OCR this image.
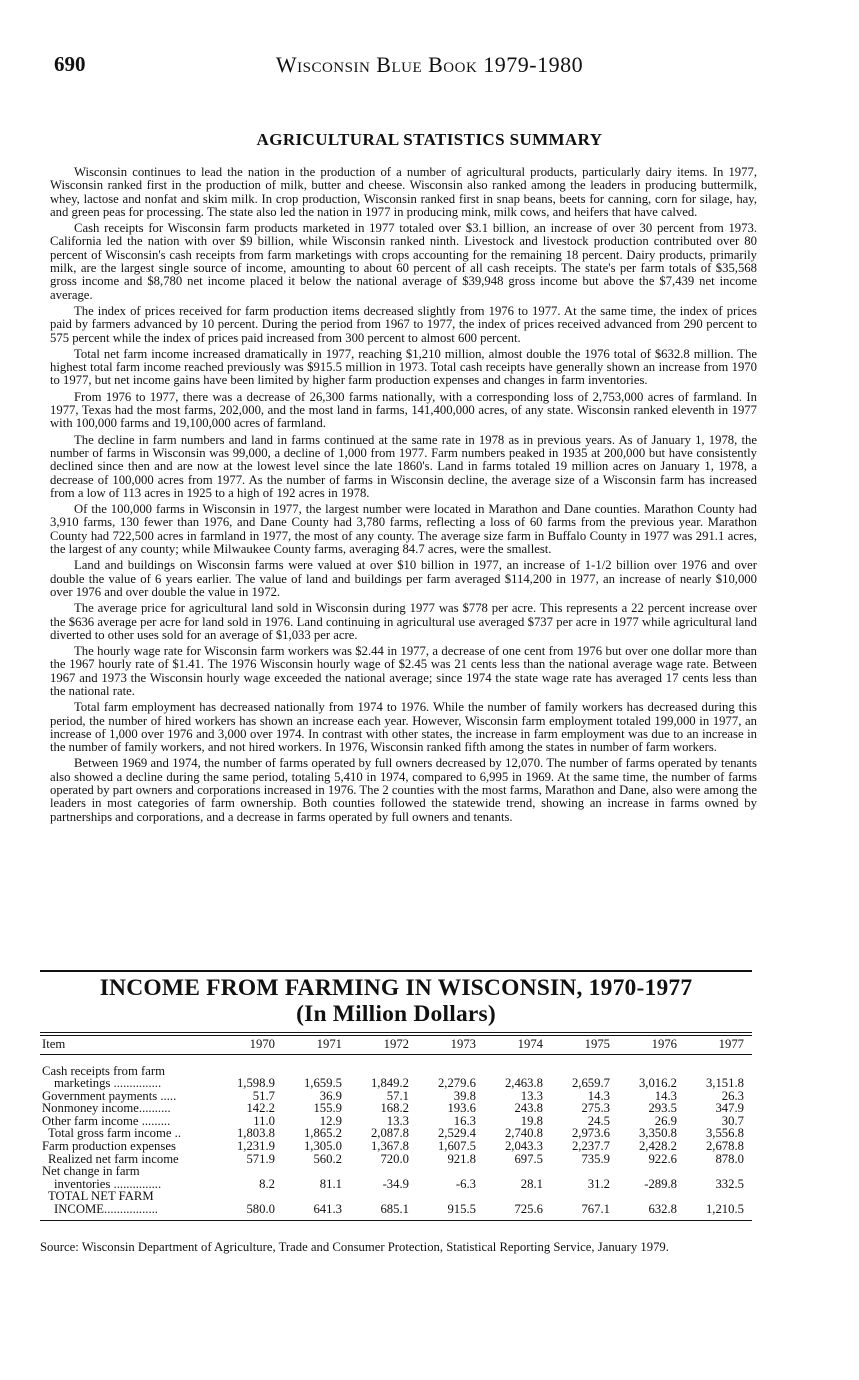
690	Wisconsin Blue Book 1979-1980
AGRICULTURAL STATISTICS SUMMARY

Wisconsin continues to lead the nation in the production of a number of agricultural products, particularly dairy items. In 1977, Wisconsin ranked first in the production of milk, butter and cheese. Wisconsin also ranked among the leaders in producing buttermilk, whey, lactose and nonfat and skim milk. In crop production, Wisconsin ranked first in snap beans, beets for canning, corn for silage, hay, and green peas for processing. The state also led the nation in 1977 in producing mink, milk cows, and heifers that have calved.

Cash receipts for Wisconsin farm products marketed in 1977 totaled over $3.1 billion, an increase of over 30 percent from 1973. California led the nation with over $9 billion, while Wisconsin ranked ninth. Livestock and livestock production contributed over 80 percent of Wisconsin's cash receipts from farm marketings with crops accounting for the remaining 18 percent. Dairy products, primarily milk, are the largest single source of income, amounting to about 60 percent of all cash receipts. The state's per farm totals of $35,568 gross income and $8,780 net income placed it below the national average of $39,948 gross income but above the $7,439 net income average.

The index of prices received for farm production items decreased slightly from 1976 to 1977. At the same time, the index of prices paid by farmers advanced by 10 percent. During the period from 1967 to 1977, the index of prices received advanced from 290 percent to 575 percent while the index of prices paid increased from 300 percent to almost 600 percent.

Total net farm income increased dramatically in 1977, reaching $1,210 million, almost double the 1976 total of $632.8 million. The highest total farm income reached previously was $915.5 million in 1973. Total cash receipts have generally shown an increase from 1970 to 1977, but net income gains have been limited by higher farm production expenses and changes in farm inventories.

From 1976 to 1977, there was a decrease of 26,300 farms nationally, with a corresponding loss of 2,753,000 acres of farmland. In 1977, Texas had the most farms, 202,000, and the most land in farms, 141,400,000 acres, of any state. Wisconsin ranked eleventh in 1977 with 100,000 farms and 19,100,000 acres of farmland.

The decline in farm numbers and land in farms continued at the same rate in 1978 as in previous years. As of January 1, 1978, the number of farms in Wisconsin was 99,000, a decline of 1,000 from 1977. Farm numbers peaked in 1935 at 200,000 but have consistently declined since then and are now at the lowest level since the late 1860's. Land in farms totaled 19 million acres on January 1, 1978, a decrease of 100,000 acres from 1977. As the number of farms in Wisconsin decline, the average size of a Wisconsin farm has increased from a low of 113 acres in 1925 to a high of 192 acres in 1978.

Of the 100,000 farms in Wisconsin in 1977, the largest number were located in Marathon and Dane counties. Marathon County had 3,910 farms, 130 fewer than 1976, and Dane County had 3,780 farms, reflecting a loss of 60 farms from the previous year. Marathon County had 722,500 acres in farmland in 1977, the most of any county. The average size farm in Buffalo County in 1977 was 291.1 acres, the largest of any county; while Milwaukee County farms, averaging 84.7 acres, were the smallest.

Land and buildings on Wisconsin farms were valued at over $10 billion in 1977, an increase of 1-1/2 billion over 1976 and over double the value of 6 years earlier. The value of land and buildings per farm averaged $114,200 in 1977, an increase of nearly $10,000 over 1976 and over double the value in 1972.

The average price for agricultural land sold in Wisconsin during 1977 was $778 per acre. This represents a 22 percent increase over the $636 average per acre for land sold in 1976. Land continuing in agricultural use averaged $737 per acre in 1977 while agricultural land diverted to other uses sold for an average of $1,033 per acre.

The hourly wage rate for Wisconsin farm workers was $2.44 in 1977, a decrease of one cent from 1976 but over one dollar more than the 1967 hourly rate of $1.41. The 1976 Wisconsin hourly wage of $2.45 was 21 cents less than the national average wage rate. Between 1967 and 1973 the Wisconsin hourly wage exceeded the national average; since 1974 the state wage rate has averaged 17 cents less than the national rate.

Total farm employment has decreased nationally from 1974 to 1976. While the number of family workers has decreased during this period, the number of hired workers has shown an increase each year. However, Wisconsin farm employment totaled 199,000 in 1977, an increase of 1,000 over 1976 and 3,000 over 1974. In contrast with other states, the increase in farm employment was due to an increase in the number of family workers, and not hired workers. In 1976, Wisconsin ranked fifth among the states in number of farm workers.

Between 1969 and 1974, the number of farms operated by full owners decreased by 12,070. The number of farms operated by tenants also showed a decline during the same period, totaling 5,410 in 1974, compared to 6,995 in 1969. At the same time, the number of farms operated by part owners and corporations increased in 1976. The 2 counties with the most farms, Marathon and Dane, also were among the leaders in most categories of farm ownership. Both counties followed the statewide trend, showing an increase in farms owned by partnerships and corporations, and a decrease in farms operated by full owners and tenants.

INCOME FROM FARMING IN WISCONSIN, 1970-1977
(In Million Dollars)
Item	1970	1971	1972	1973	1974	1975	1976	1977

Cash receipts from farm								
marketings ...............	1,598.9	1,659.5	1,849.2	2,279.6	2,463.8	2,659.7	3,016.2	3,151.8
Government payments .....	51.7	36.9	57.1	39.8	13.3	14.3	14.3	26.3
Nonmoney income..........	142.2	155.9	168.2	193.6	243.8	275.3	293.5	347.9
Other farm income .........	11.0	12.9	13.3	16.3	19.8	24.5	26.9	30.7
Total gross farm income ..	1,803.8	1,865.2	2,087.8	2,529.4	2,740.8	2,973.6	3,350.8	3,556.8
Farm production expenses	1,231.9	1,305.0	1,367.8	1,607.5	2,043.3	2,237.7	2,428.2	2,678.8
Realized net farm income	571.9	560.2	720.0	921.8	697.5	735.9	922.6	878.0
Net change in farm								
inventories ...............	8.2	81.1	-34.9	-6.3	28.1	31.2	-289.8	332.5
TOTAL NET FARM								
INCOME.................	580.0	641.3	685.1	915.5	725.6	767.1	632.8	1,210.5

Source: Wisconsin Department of Agriculture, Trade and Consumer Protection, Statistical Reporting Service, January 1979.
